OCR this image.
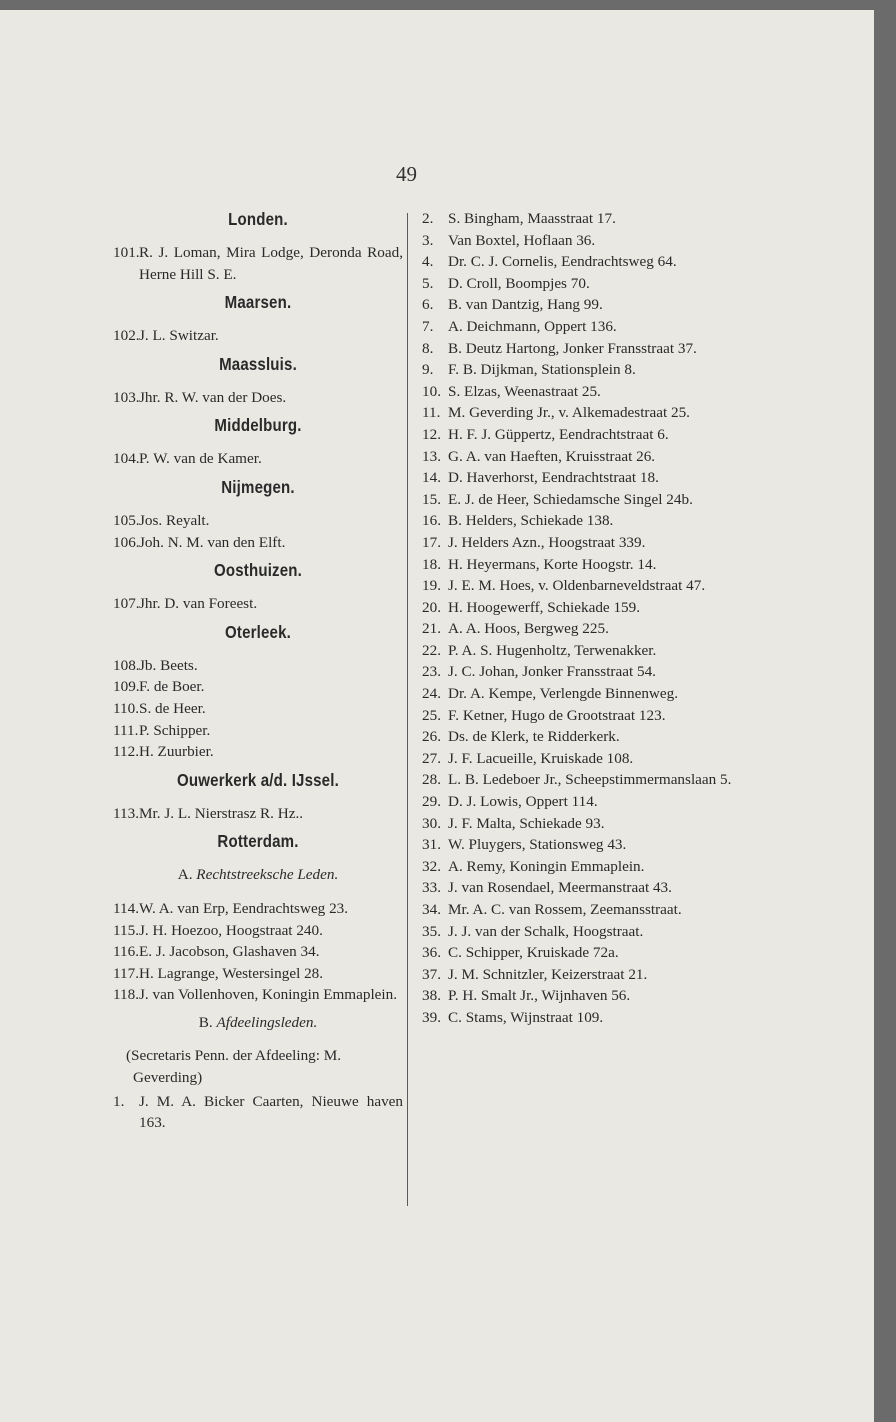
49
Londen.
101. R. J. Loman, Mira Lodge, Deronda Road, Herne Hill S. E.
Maarsen.
102. J. L. Switzar.
Maassluis.
103. Jhr. R. W. van der Does.
Middelburg.
104. P. W. van de Kamer.
Nijmegen.
105. Jos. Reyalt.
106. Joh. N. M. van den Elft.
Oosthuizen.
107. Jhr. D. van Foreest.
Oterleek.
108. Jb. Beets.
109. F. de Boer.
110. S. de Heer.
111. P. Schipper.
112. H. Zuurbier.
Ouwerkerk a/d. IJssel.
113. Mr. J. L. Nierstrasz R. Hz..
Rotterdam.
A. Rechtstreeksche Leden.
114. W. A. van Erp, Eendrachtsweg 23.
115. J. H. Hoezoo, Hoogstraat 240.
116. E. J. Jacobson, Glashaven 34.
117. H. Lagrange, Westersingel 28.
118. J. van Vollenhoven, Koningin Emmaplein.
B. Afdeelingsleden.
(Secretaris Penn. der Afdeeling: M. Geverding)
1. J. M. A. Bicker Caarten, Nieuwe haven 163.
2. S. Bingham, Maasstraat 17.
3. Van Boxtel, Hoflaan 36.
4. Dr. C. J. Cornelis, Eendrachtsweg 64.
5. D. Croll, Boompjes 70.
6. B. van Dantzig, Hang 99.
7. A. Deichmann, Oppert 136.
8. B. Deutz Hartong, Jonker Fransstraat 37.
9. F. B. Dijkman, Stationsplein 8.
10. S. Elzas, Weenastraat 25.
11. M. Geverding Jr., v. Alkemadestraat 25.
12. H. F. J. Güppertz, Eendrachtstraat 6.
13. G. A. van Haeften, Kruisstraat 26.
14. D. Haverhorst, Eendrachtstraat 18.
15. E. J. de Heer, Schiedamsche Singel 24b.
16. B. Helders, Schiekade 138.
17. J. Helders Azn., Hoogstraat 339.
18. H. Heyermans, Korte Hoogstr. 14.
19. J. E. M. Hoes, v. Oldenbarneveldstraat 47.
20. H. Hoogewerff, Schiekade 159.
21. A. A. Hoos, Bergweg 225.
22. P. A. S. Hugenholtz, Terwenakker.
23. J. C. Johan, Jonker Fransstraat 54.
24. Dr. A. Kempe, Verlengde Binnenweg.
25. F. Ketner, Hugo de Grootstraat 123.
26. Ds. de Klerk, te Ridderkerk.
27. J. F. Lacueille, Kruiskade 108.
28. L. B. Ledeboer Jr., Scheepstimmermanslaan 5.
29. D. J. Lowis, Oppert 114.
30. J. F. Malta, Schiekade 93.
31. W. Pluygers, Stationsweg 43.
32. A. Remy, Koningin Emmaplein.
33. J. van Rosendael, Meermanstraat 43.
34. Mr. A. C. van Rossem, Zeemansstraat.
35. J. J. van der Schalk, Hoogstraat.
36. C. Schipper, Kruiskade 72a.
37. J. M. Schnitzler, Keizerstraat 21.
38. P. H. Smalt Jr., Wijnhaven 56.
39. C. Stams, Wijnstraat 109.
